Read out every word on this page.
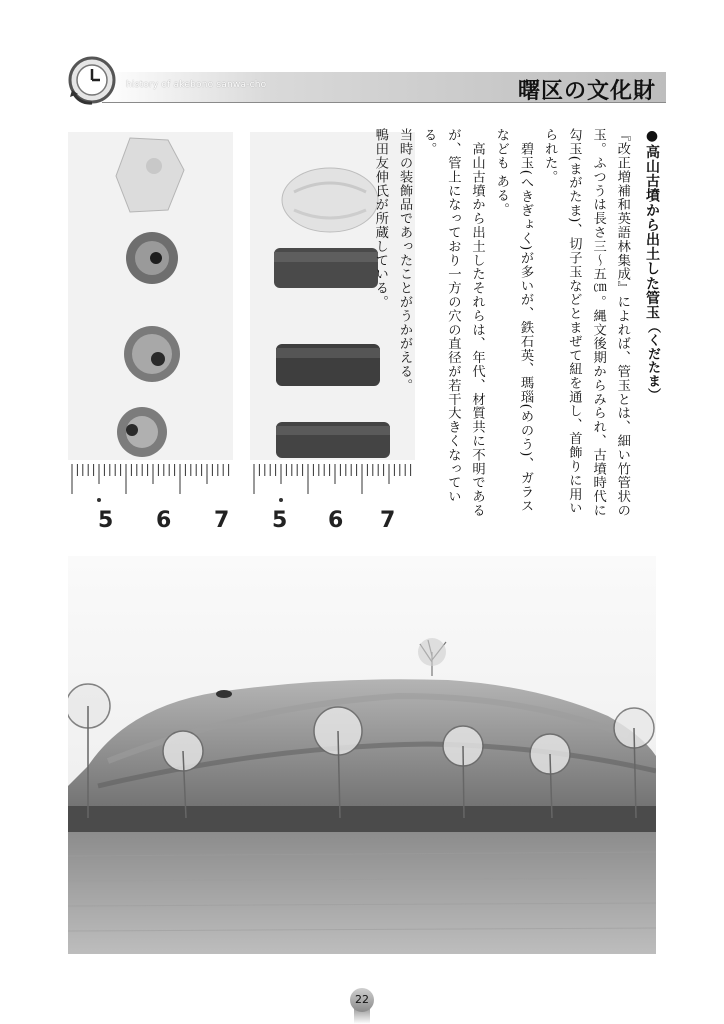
history of akebono sanwa-cho	曙区の文化財
5 6 7 5 6 7
●高山古墳から出土した管玉（くだたま）
『改正増補和英語林集成』によれば、管玉とは、細い竹管状の
玉。ふつうは長さ三～五㎝。縄文後期からみられ、古墳時代に
勾玉(まがたま)、切子玉などとまぜて紐を通し、首飾りに用い
られた。
　碧玉(へきぎょく)が多いが、鉄石英、瑪瑙(めのう)、ガラス
なども ある。
　高山古墳から出土したそれらは、年代、材質共に不明である
が、管上になっており一方の穴の直径が若干大きくなっている。
当時の装飾品であったことがうかがえる。
鴨田友伸氏が所蔵している。
22
